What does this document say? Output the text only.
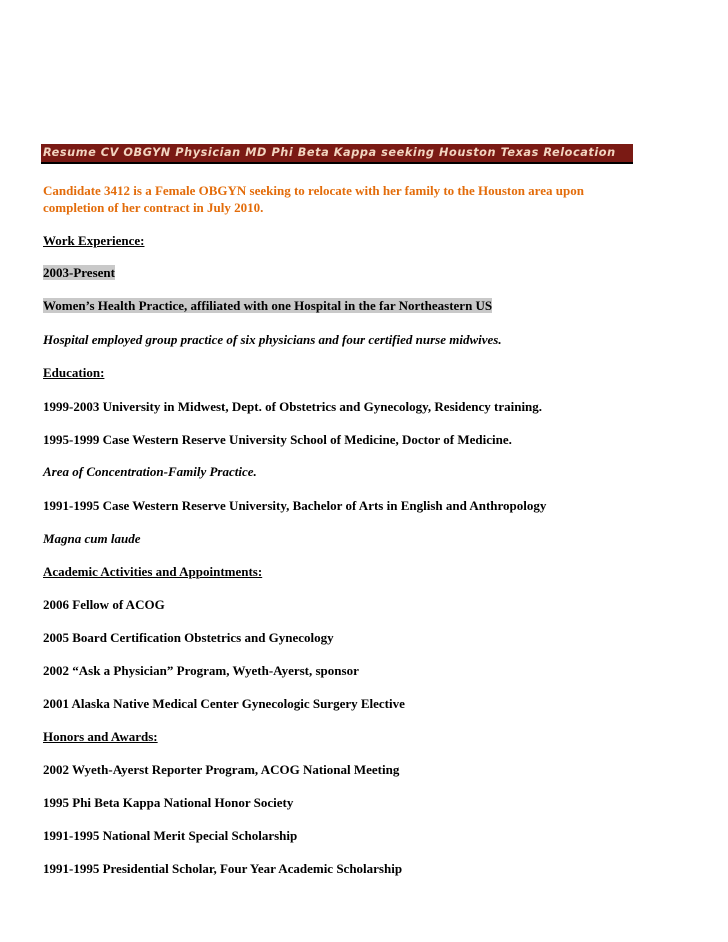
Resume CV OBGYN Physician MD Phi Beta Kappa seeking Houston Texas Relocation
Candidate 3412 is a Female OBGYN seeking to relocate with her family to the Houston area upon
completion of her contract in July 2010.
Work Experience:
2003-Present
Women’s Health Practice, affiliated with one Hospital in the far Northeastern US
Hospital employed group practice of six physicians and four certified nurse midwives.
Education:
1999-2003 University in Midwest, Dept. of Obstetrics and Gynecology, Residency training.
1995-1999 Case Western Reserve University School of Medicine, Doctor of Medicine.
Area of Concentration-Family Practice.
1991-1995 Case Western Reserve University, Bachelor of Arts in English and Anthropology
Magna cum laude
Academic Activities and Appointments:
2006 Fellow of ACOG
2005 Board Certification Obstetrics and Gynecology
2002 “Ask a Physician” Program, Wyeth-Ayerst, sponsor
2001 Alaska Native Medical Center Gynecologic Surgery Elective
Honors and Awards:
2002 Wyeth-Ayerst Reporter Program, ACOG National Meeting
1995 Phi Beta Kappa National Honor Society
1991-1995 National Merit Special Scholarship
1991-1995 Presidential Scholar, Four Year Academic Scholarship
